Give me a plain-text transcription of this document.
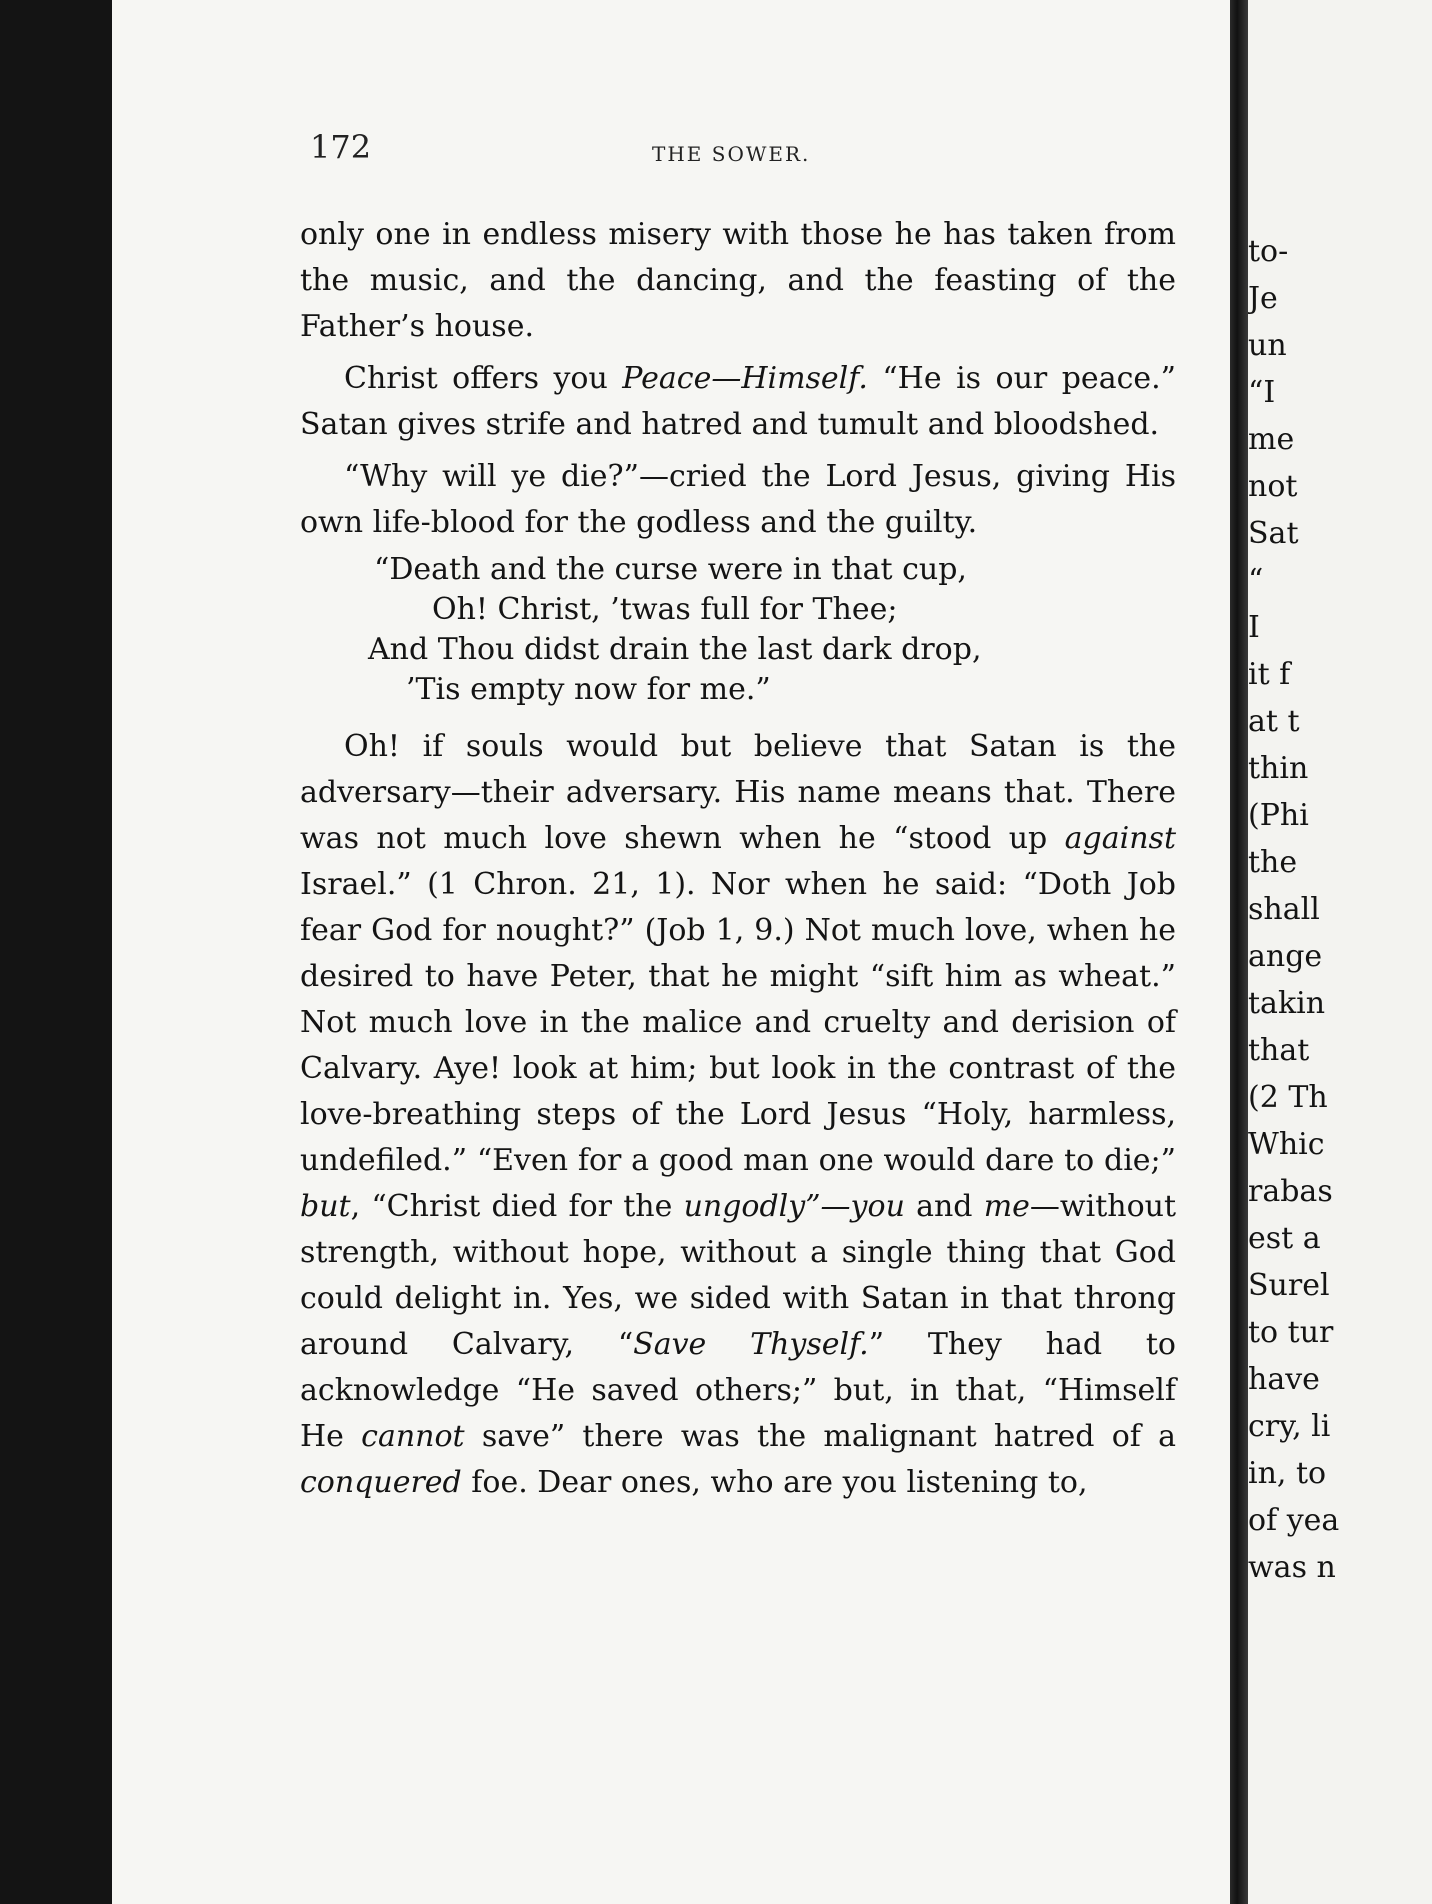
172	THE SOWER.

only one in endless misery with those he has taken from the music, and the dancing, and the feasting of the Father’s house.

Christ offers you Peace—Himself. “He is our peace.” Satan gives strife and hatred and tumult and bloodshed.

“Why will ye die?”—cried the Lord Jesus, giving His own life-blood for the godless and the guilty.

“Death and the curse were in that cup,
Oh! Christ, ’twas full for Thee;
And Thou didst drain the last dark drop,
’Tis empty now for me.”

Oh! if souls would but believe that Satan is the adversary—their adversary. His name means that. There was not much love shewn when he “stood up against Israel.” (1 Chron. 21, 1). Nor when he said: “Doth Job fear God for nought?” (Job 1, 9.) Not much love, when he desired to have Peter, that he might “sift him as wheat.” Not much love in the malice and cruelty and derision of Calvary. Aye! look at him; but look in the contrast of the love-breathing steps of the Lord Jesus “Holy, harmless, undefiled.” “Even for a good man one would dare to die;” but, “Christ died for the ungodly”—you and me—without strength, without hope, without a single thing that God could delight in. Yes, we sided with Satan in that throng around Calvary, “Save Thyself.” They had to acknowledge “He saved others;” but, in that, “Himself He cannot save” there was the malignant hatred of a conquered foe. Dear ones, who are you listening to,

to-
Je
un
“I
me
not
Sat
“
I
it f
at t
thin
(Phi
the
shall
ange
takin
that
(2 Th
Whic
rabas
est a
Surel
to tur
have
cry, li
in, to
of yea
was n
